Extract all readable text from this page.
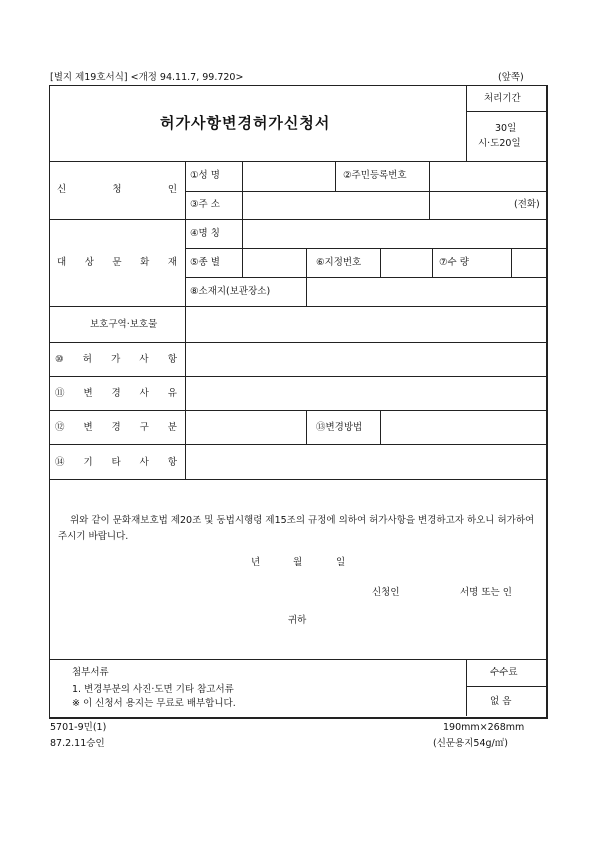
[별지 제19호서식] <개정 94.11.7, 99.720>	(앞쪽)
허가사항변경허가신청서
처리기간
30일
시·도20일
신	청	인
①성 명	②주민등록번호
③주 소	(전화)
대 상 문 화 재
④명 칭
⑤종 별	⑥지정번호	⑦수 량
⑧소재지(보관장소)
보호구역·보호물
⑩ 허 가 사 항
⑪ 변 경 사 유
⑫ 변 경 구 분	⑬변경방법
⑭ 기 타 사 항
위와 같이 문화재보호법 제20조 및 동법시행령 제15조의 규정에 의하여 허가사항을 변경하고자 하오니 허가하여 주시기 바랍니다.
년	월	일
신청인	서명 또는 인
귀하
첨부서류
1. 변경부분의 사진·도면 기타 참고서류
※ 이 신청서 용지는 무료로 배부합니다.
수수료
없 음
5701-9민(1)
87.2.11승인
190mm×268mm
(신문용지54g/㎡)
